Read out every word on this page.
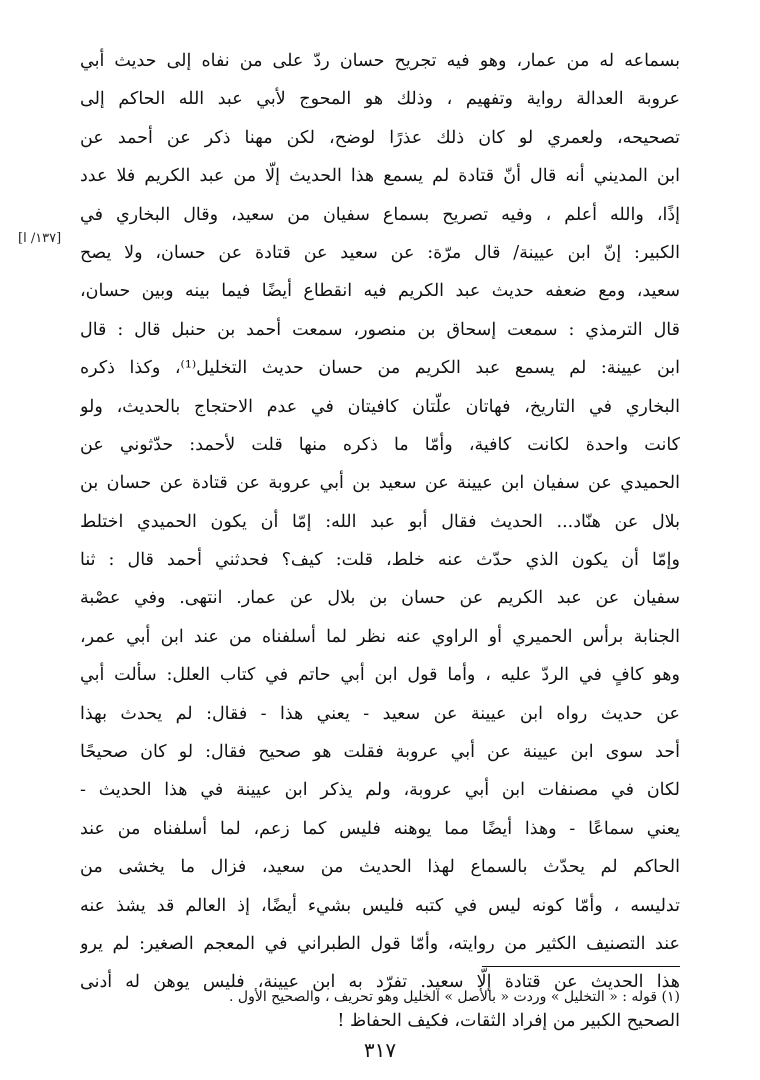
[١٣٧/ ا]
بسماعه له من عمار، وهو فيه تجريح حسان ردّ على من نفاه إلى حديث أبي
عروبة العدالة رواية وتفهيم ، وذلك هو المحوج لأبي عبد الله الحاكم إلى
تصحيحه، ولعمري لو كان ذلك عذرًا لوضح، لكن مهنا ذكر عن أحمد عن
ابن المديني أنه قال أنّ قتادة لم يسمع هذا الحديث إلّا من عبد الكريم فلا عدد
إذًا، والله أعلم ، وفيه تصريح بسماع سفيان من سعيد، وقال البخاري في
الكبير: إنّ ابن عيينة/ قال مرّة: عن سعيد عن قتادة عن حسان، ولا يصح
سعيد، ومع ضعفه حديث عبد الكريم فيه انقطاع أيضًا فيما بينه وبين حسان،
قال الترمذي : سمعت إسحاق بن منصور، سمعت أحمد بن حنبل قال : قال
ابن عيينة: لم يسمع عبد الكريم من حسان حديث التخليل⁽¹⁾، وكذا ذكره
البخاري في التاريخ، فهاتان علّتان كافيتان في عدم الاحتجاج بالحديث، ولو
كانت واحدة لكانت كافية، وأمّا ما ذكره منها قلت لأحمد: حدّثوني عن
الحميدي عن سفيان ابن عيينة عن سعيد بن أبي عروبة عن قتادة عن حسان بن
بلال عن هنّاد... الحديث فقال أبو عبد الله: إمّا أن يكون الحميدي اختلط
وإمّا أن يكون الذي حدّث عنه خلط، قلت: كيف؟ فحدثني أحمد قال : ثنا
سفيان عن عبد الكريم عن حسان بن بلال عن عمار. انتهى. وفي عصْبة
الجنابة برأس الحميري أو الراوي عنه نظر لما أسلفناه من عند ابن أبي عمر،
وهو كافٍ في الردّ عليه ، وأما قول ابن أبي حاتم في كتاب العلل: سألت أبي
عن حديث رواه ابن عيينة عن سعيد - يعني هذا - فقال: لم يحدث بهذا
أحد سوى ابن عيينة عن أبي عروبة فقلت هو صحيح فقال: لو كان صحيحًا
لكان في مصنفات ابن أبي عروبة، ولم يذكر ابن عيينة في هذا الحديث -
يعني سماعًا - وهذا أيضًا مما يوهنه فليس كما زعم، لما أسلفناه من عند
الحاكم لم يحدّث بالسماع لهذا الحديث من سعيد، فزال ما يخشى من
تدليسه ، وأمّا كونه ليس في كتبه فليس بشيء أيضًا، إذ العالم قد يشذ عنه
عند التصنيف الكثير من روايته، وأمّا قول الطبراني في المعجم الصغير: لم يرو
هذا الحديث عن قتادة إلّا سعيد. تفرّد به ابن عيينة، فليس يوهن له أدنى
الصحيح الكبير من إفراد الثقات، فكيف الحفاظ !
(١) قوله : « التخليل » وردت « بالأصل » الخليل وهو تحريف ، والصحيح الأول .
٣١٧
